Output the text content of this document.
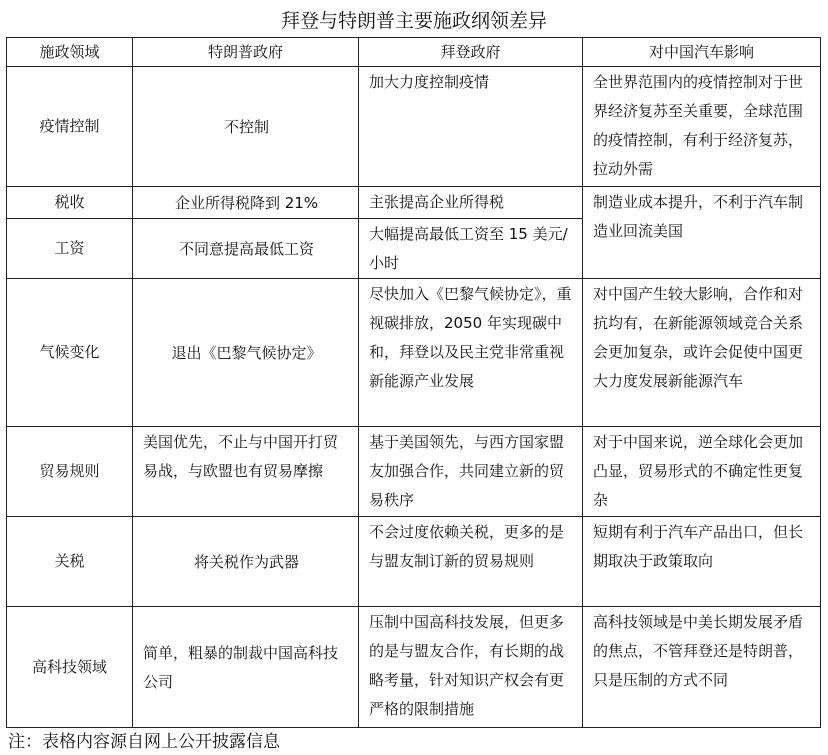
拜登与特朗普主要施政纲领差异
施政领域	特朗普政府	拜登政府	对中国汽车影响
疫情控制	不控制	加大力度控制疫情	全世界范围内的疫情控制对于世界经济复苏至关重要，全球范围的疫情控制，有利于经济复苏，拉动外需
税收	企业所得税降到 21%	主张提高企业所得税	制造业成本提升，不利于汽车制造业回流美国
工资	不同意提高最低工资	大幅提高最低工资至 15 美元/小时	
气候变化	退出《巴黎气候协定》	尽快加入《巴黎气候协定》，重视碳排放，2050 年实现碳中和，拜登以及民主党非常重视新能源产业发展	对中国产生较大影响，合作和对抗均有，在新能源领域竞合关系会更加复杂，或许会促使中国更大力度发展新能源汽车
贸易规则	美国优先，不止与中国开打贸易战，与欧盟也有贸易摩擦	基于美国领先，与西方国家盟友加强合作，共同建立新的贸易秩序	对于中国来说，逆全球化会更加凸显，贸易形式的不确定性更复杂
关税	将关税作为武器	不会过度依赖关税，更多的是与盟友制订新的贸易规则	短期有利于汽车产品出口，但长期取决于政策取向
高科技领域	简单，粗暴的制裁中国高科技公司	压制中国高科技发展，但更多的是与盟友合作，有长期的战略考量，针对知识产权会有更严格的限制措施	高科技领域是中美长期发展矛盾的焦点，不管拜登还是特朗普，只是压制的方式不同
注：表格内容源自网上公开披露信息
